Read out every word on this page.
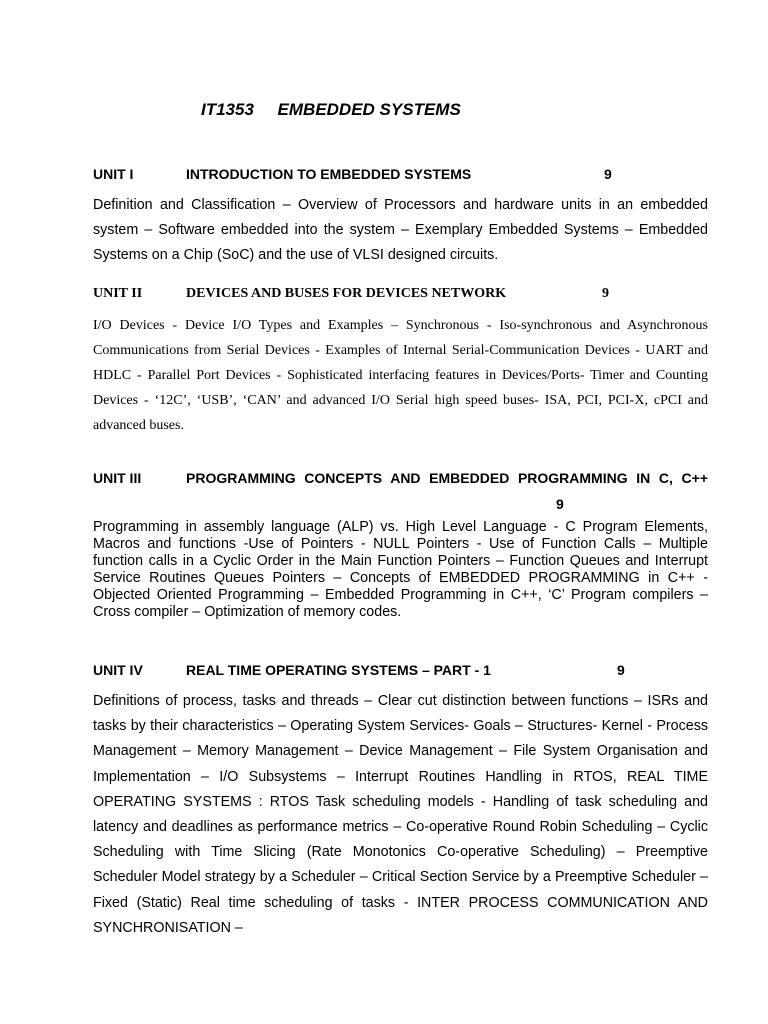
IT1353     EMBEDDED SYSTEMS
UNIT I	INTRODUCTION TO EMBEDDED SYSTEMS	9
Definition and Classification – Overview of Processors and hardware units in an embedded system – Software embedded into the system – Exemplary Embedded Systems – Embedded Systems on a Chip (SoC) and the use of VLSI designed circuits.
UNIT II	DEVICES AND BUSES FOR DEVICES NETWORK	9
I/O Devices - Device I/O Types and Examples – Synchronous - Iso-synchronous and Asynchronous Communications from Serial Devices - Examples of Internal Serial-Communication Devices - UART and HDLC - Parallel Port Devices - Sophisticated interfacing features in Devices/Ports- Timer and Counting Devices - ‘12C’, ‘USB’, ‘CAN’ and advanced I/O Serial high speed buses- ISA, PCI, PCI-X, cPCI and advanced buses.
UNIT III	PROGRAMMING CONCEPTS AND EMBEDDED PROGRAMMING IN C, C++
9
Programming in assembly language (ALP) vs. High Level Language - C Program Elements, Macros and functions -Use of Pointers - NULL Pointers - Use of Function Calls – Multiple function calls in a Cyclic Order in the Main Function Pointers – Function Queues and Interrupt Service Routines Queues Pointers – Concepts of EMBEDDED PROGRAMMING in C++ - Objected Oriented Programming – Embedded Programming in C++, ‘C’ Program compilers – Cross compiler – Optimization of memory codes.
UNIT IV	REAL TIME OPERATING SYSTEMS – PART - 1	9
Definitions of process, tasks and threads – Clear cut distinction between functions – ISRs and tasks by their characteristics – Operating System Services- Goals – Structures- Kernel - Process Management – Memory Management – Device Management – File System Organisation and Implementation – I/O Subsystems – Interrupt Routines Handling in RTOS, REAL TIME OPERATING SYSTEMS : RTOS Task scheduling models - Handling of task scheduling and latency and deadlines as performance metrics – Co-operative Round Robin Scheduling – Cyclic Scheduling with Time Slicing (Rate Monotonics Co-operative Scheduling) – Preemptive Scheduler Model strategy by a Scheduler – Critical Section Service by a Preemptive Scheduler – Fixed (Static) Real time scheduling of tasks - INTER PROCESS COMMUNICATION AND SYNCHRONISATION –
